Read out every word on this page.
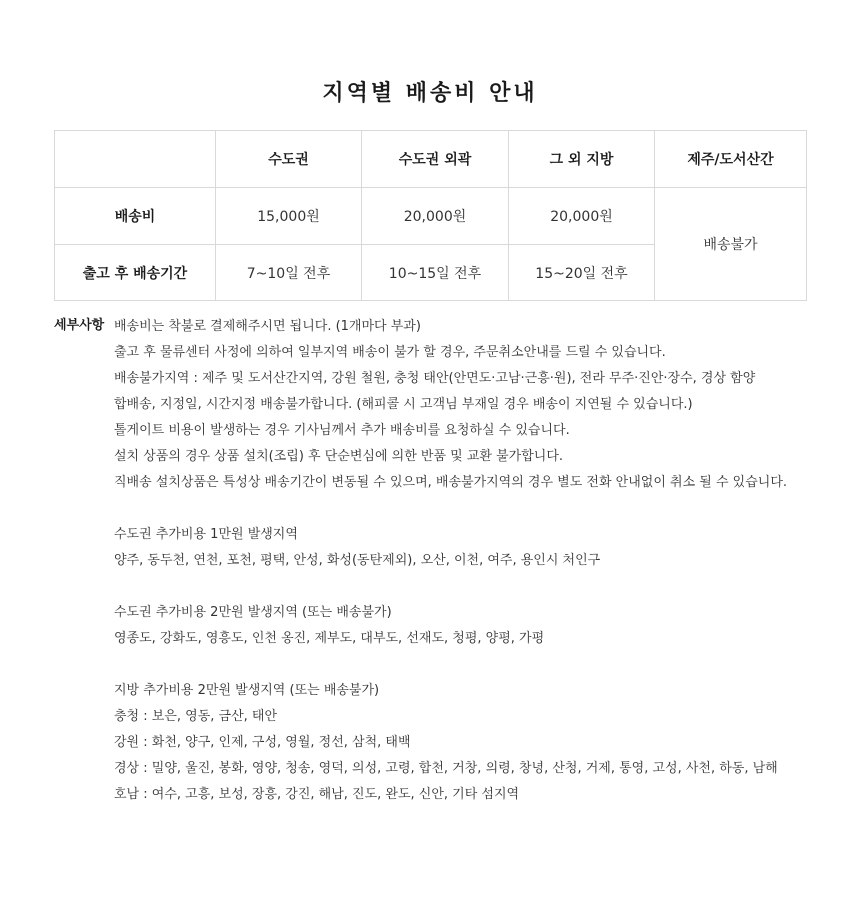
지역별 배송비 안내
	수도권	수도권 외곽	그 외 지방	제주/도서산간
배송비	15,000원	20,000원	20,000원	배송불가
출고 후 배송기간	7~10일 전후	10~15일 전후	15~20일 전후	
세부사항 배송비는 착불로 결제해주시면 됩니다. (1개마다 부과)
출고 후 물류센터 사정에 의하여 일부지역 배송이 불가 할 경우, 주문취소안내를 드릴 수 있습니다.
배송불가지역 : 제주 및 도서산간지역, 강원 철원, 충청 태안(안면도·고남·근흥·원), 전라 무주·진안·장수, 경상 함양
합배송, 지정일, 시간지정 배송불가합니다. (해피콜 시 고객님 부재일 경우 배송이 지연될 수 있습니다.)
톨게이트 비용이 발생하는 경우 기사님께서 추가 배송비를 요청하실 수 있습니다.
설치 상품의 경우 상품 설치(조립) 후 단순변심에 의한 반품 및 교환 불가합니다.
직배송 설치상품은 특성상 배송기간이 변동될 수 있으며, 배송불가지역의 경우 별도 전화 안내없이 취소 될 수 있습니다.
수도권 추가비용 1만원 발생지역
양주, 동두천, 연천, 포천, 평택, 안성, 화성(동탄제외), 오산, 이천, 여주, 용인시 처인구
수도권 추가비용 2만원 발생지역 (또는 배송불가)
영종도, 강화도, 영흥도, 인천 옹진, 제부도, 대부도, 선재도, 청평, 양평, 가평
지방 추가비용 2만원 발생지역 (또는 배송불가)
충청 : 보은, 영동, 금산, 태안
강원 : 화천, 양구, 인제, 구성, 영월, 정선, 삼척, 태백
경상 : 밀양, 울진, 봉화, 영양, 청송, 영덕, 의성, 고령, 합천, 거창, 의령, 창녕, 산청, 거제, 통영, 고성, 사천, 하동, 남해
호남 : 여수, 고흥, 보성, 장흥, 강진, 해남, 진도, 완도, 신안, 기타 섬지역
